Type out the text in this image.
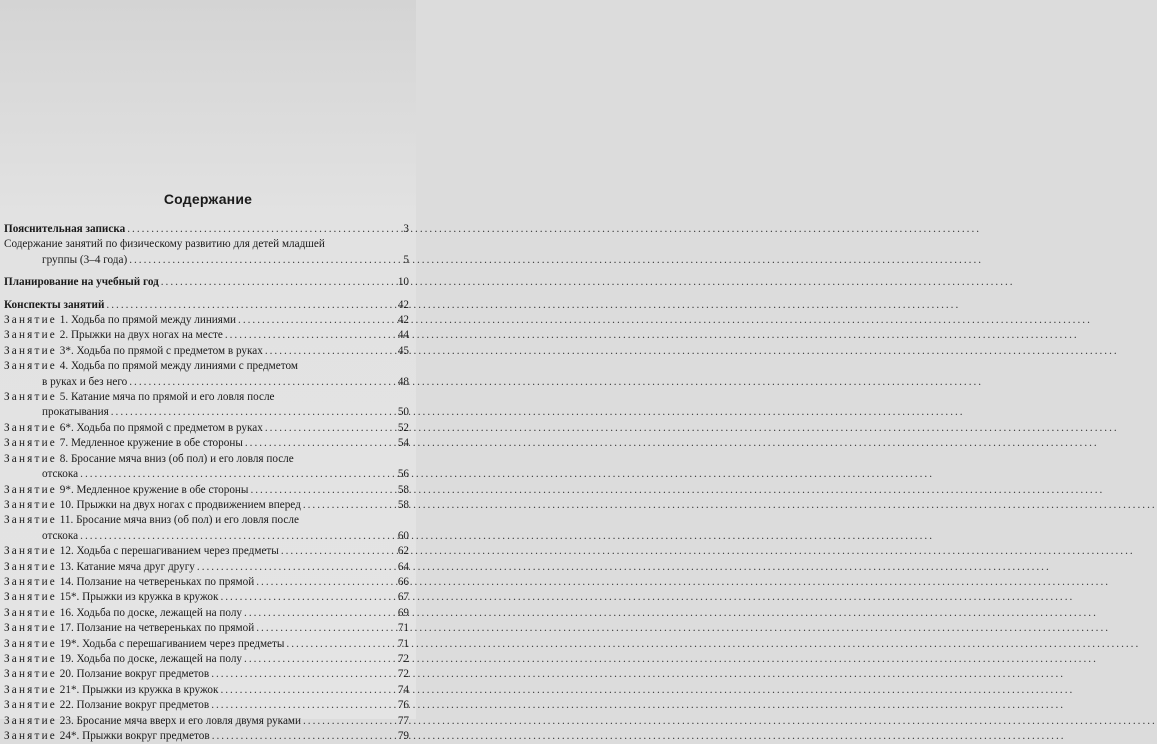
Содержание
Пояснительная записка .....	3
Содержание занятий по физическому развитию для детей младшей
группы (3–4 года) .....	5
Планирование на учебный год .....	10
Конспекты занятий .....	42
Занятие 1. Ходьба по прямой между линиями .....	42
Занятие 2. Прыжки на двух ногах на месте .....	44
Занятие 3*. Ходьба по прямой с предметом в руках .....	45
Занятие 4. Ходьба по прямой между линиями с предметом
в руках и без него .....	48
Занятие 5. Катание мяча по прямой и его ловля после
прокатывания .....	50
Занятие 6*. Ходьба по прямой с предметом в руках .....	52
Занятие 7. Медленное кружение в обе стороны .....	54
Занятие 8. Бросание мяча вниз (об пол) и его ловля после
отскока .....	56
Занятие 9*. Медленное кружение в обе стороны .....	58
Занятие 10. Прыжки на двух ногах с продвижением вперед .....	58
Занятие 11. Бросание мяча вниз (об пол) и его ловля после
отскока .....	60
Занятие 12. Ходьба с перешагиванием через предметы .....	62
Занятие 13. Катание мяча друг другу .....	64
Занятие 14. Ползание на четвереньках по прямой .....	66
Занятие 15*. Прыжки из кружка в кружок .....	67
Занятие 16. Ходьба по доске, лежащей на полу .....	69
Занятие 17. Ползание на четвереньках по прямой .....	71
Занятие 19*. Ходьба с перешагиванием через предметы .....	71
Занятие 19. Ходьба по доске, лежащей на полу .....	72
Занятие 20. Ползание вокруг предметов .....	72
Занятие 21*. Прыжки из кружка в кружок .....	74
Занятие 22. Ползание вокруг предметов .....	76
Занятие 23. Бросание мяча вверх и его ловля двумя руками .....	77
Занятие 24*. Прыжки вокруг предметов .....	79
